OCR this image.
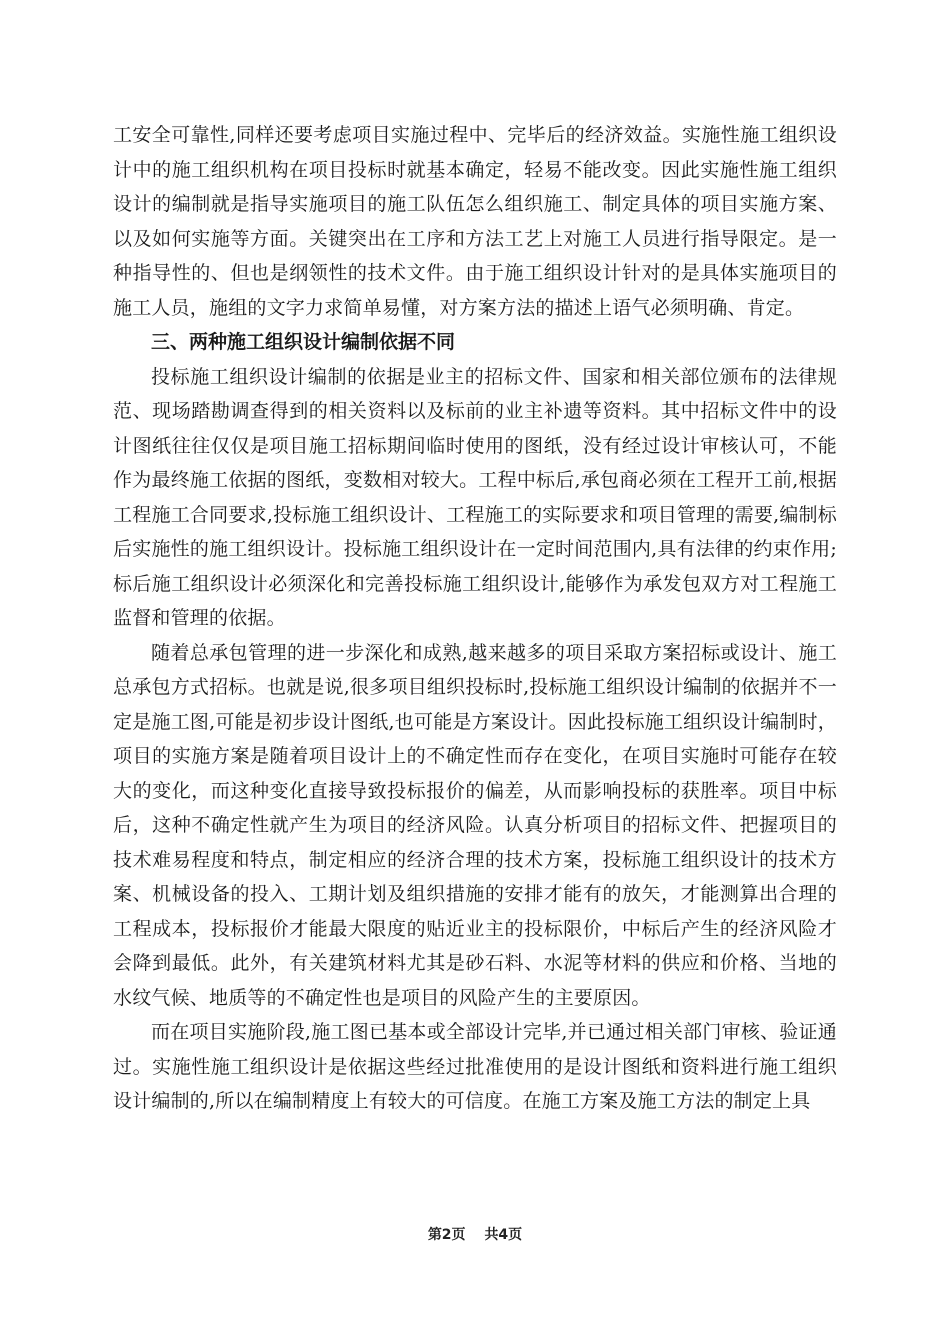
工安全可靠性,同样还要考虑项目实施过程中、完毕后的经济效益。实施性施工组织设计中的施工组织机构在项目投标时就基本确定，轻易不能改变。因此实施性施工组织设计的编制就是指导实施项目的施工队伍怎么组织施工、制定具体的项目实施方案、以及如何实施等方面。关键突出在工序和方法工艺上对施工人员进行指导限定。是一种指导性的、但也是纲领性的技术文件。由于施工组织设计针对的是具体实施项目的施工人员，施组的文字力求简单易懂，对方案方法的描述上语气必须明确、肯定。

三、两种施工组织设计编制依据不同

投标施工组织设计编制的依据是业主的招标文件、国家和相关部位颁布的法律规范、现场踏勘调查得到的相关资料以及标前的业主补遗等资料。其中招标文件中的设计图纸往往仅仅是项目施工招标期间临时使用的图纸，没有经过设计审核认可，不能作为最终施工依据的图纸，变数相对较大。工程中标后,承包商必须在工程开工前,根据工程施工合同要求,投标施工组织设计、工程施工的实际要求和项目管理的需要,编制标后实施性的施工组织设计。投标施工组织设计在一定时间范围内,具有法律的约束作用;标后施工组织设计必须深化和完善投标施工组织设计,能够作为承发包双方对工程施工监督和管理的依据。

随着总承包管理的进一步深化和成熟,越来越多的项目采取方案招标或设计、施工总承包方式招标。也就是说,很多项目组织投标时,投标施工组织设计编制的依据并不一定是施工图,可能是初步设计图纸,也可能是方案设计。因此投标施工组织设计编制时，项目的实施方案是随着项目设计上的不确定性而存在变化，在项目实施时可能存在较大的变化，而这种变化直接导致投标报价的偏差，从而影响投标的获胜率。项目中标后，这种不确定性就产生为项目的经济风险。认真分析项目的招标文件、把握项目的技术难易程度和特点，制定相应的经济合理的技术方案，投标施工组织设计的技术方案、机械设备的投入、工期计划及组织措施的安排才能有的放矢，才能测算出合理的工程成本，投标报价才能最大限度的贴近业主的投标限价，中标后产生的经济风险才会降到最低。此外，有关建筑材料尤其是砂石料、水泥等材料的供应和价格、当地的水纹气候、地质等的不确定性也是项目的风险产生的主要原因。

而在项目实施阶段,施工图已基本或全部设计完毕,并已通过相关部门审核、验证通过。实施性施工组织设计是依据这些经过批准使用的是设计图纸和资料进行施工组织设计编制的,所以在编制精度上有较大的可信度。在施工方案及施工方法的制定上具

第2页 共4页
